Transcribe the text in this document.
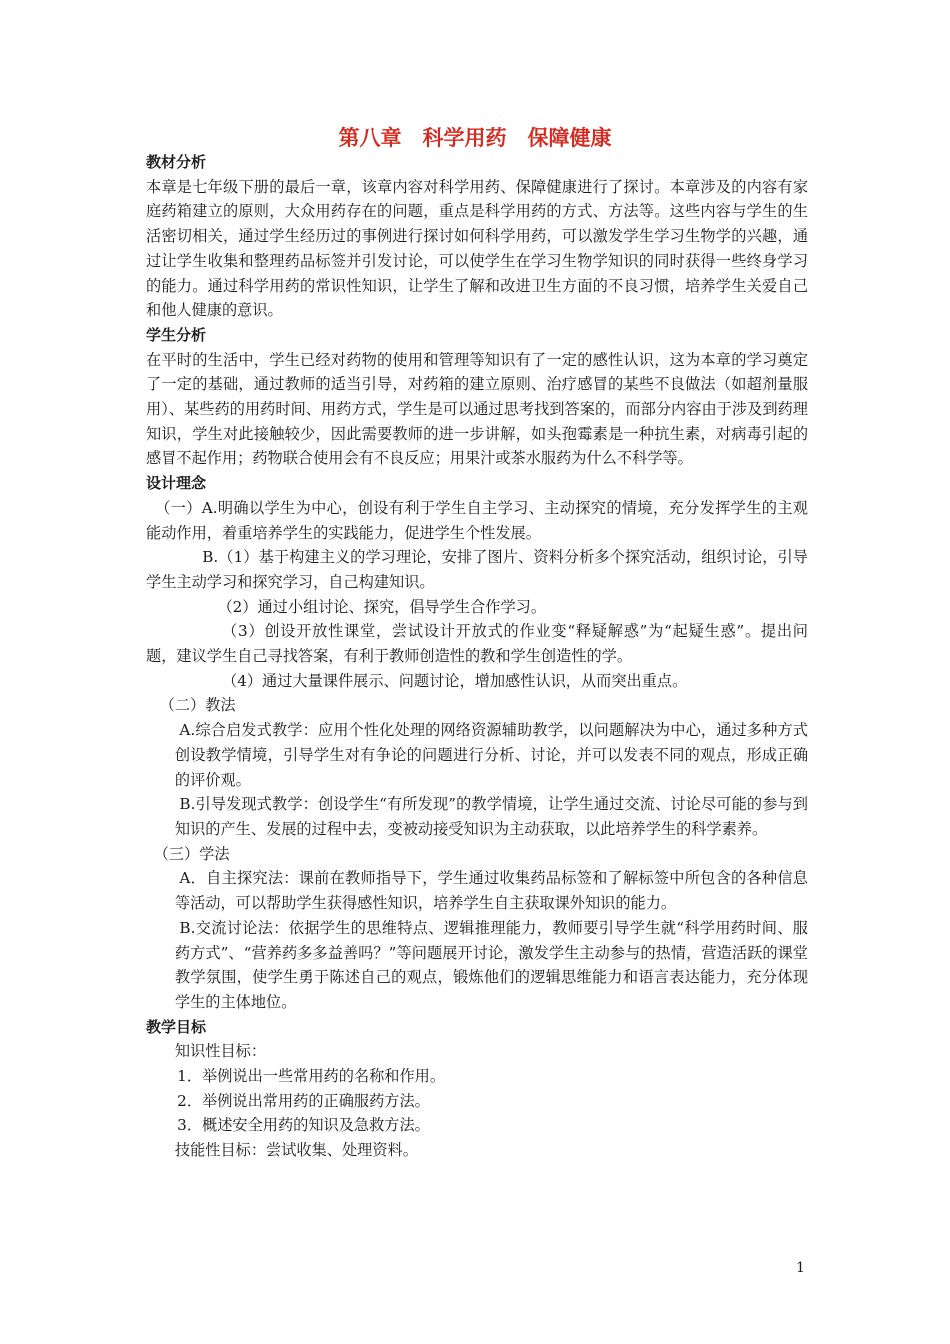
第八章　科学用药　保障健康

教材分析

本章是七年级下册的最后一章，该章内容对科学用药、保障健康进行了探讨。本章涉及的内容有家庭药箱建立的原则，大众用药存在的问题，重点是科学用药的方式、方法等。这些内容与学生的生活密切相关，通过学生经历过的事例进行探讨如何科学用药，可以激发学生学习生物学的兴趣，通过让学生收集和整理药品标签并引发讨论，可以使学生在学习生物学知识的同时获得一些终身学习的能力。通过科学用药的常识性知识，让学生了解和改进卫生方面的不良习惯，培养学生关爱自己和他人健康的意识。

学生分析

在平时的生活中，学生已经对药物的使用和管理等知识有了一定的感性认识，这为本章的学习奠定了一定的基础，通过教师的适当引导，对药箱的建立原则、治疗感冒的某些不良做法（如超剂量服用）、某些药的用药时间、用药方式，学生是可以通过思考找到答案的，而部分内容由于涉及到药理知识，学生对此接触较少，因此需要教师的进一步讲解，如头孢霉素是一种抗生素，对病毒引起的感冒不起作用；药物联合使用会有不良反应；用果汁或茶水服药为什么不科学等。

设计理念

（一）A.明确以学生为中心，创设有利于学生自主学习、主动探究的情境，充分发挥学生的主观能动作用，着重培养学生的实践能力，促进学生个性发展。

B.（1）基于构建主义的学习理论，安排了图片、资料分析多个探究活动，组织讨论，引导学生主动学习和探究学习，自己构建知识。

（2）通过小组讨论、探究，倡导学生合作学习。

（3）创设开放性课堂，尝试设计开放式的作业变“释疑解惑”为“起疑生惑”。提出问题，建议学生自己寻找答案，有利于教师创造性的教和学生创造性的学。

（4）通过大量课件展示、问题讨论，增加感性认识，从而突出重点。

（二）教法

A.综合启发式教学：应用个性化处理的网络资源辅助教学，以问题解决为中心，通过多种方式创设教学情境，引导学生对有争论的问题进行分析、讨论，并可以发表不同的观点，形成正确的评价观。

B.引导发现式教学：创设学生“有所发现”的教学情境，让学生通过交流、讨论尽可能的参与到知识的产生、发展的过程中去，变被动接受知识为主动获取，以此培养学生的科学素养。

（三）学法

A．自主探究法：课前在教师指导下，学生通过收集药品标签和了解标签中所包含的各种信息等活动，可以帮助学生获得感性知识，培养学生自主获取课外知识的能力。

B.交流讨论法：依据学生的思维特点、逻辑推理能力，教师要引导学生就“科学用药时间、服药方式”、“营养药多多益善吗？”等问题展开讨论，激发学生主动参与的热情，营造活跃的课堂教学氛围，使学生勇于陈述自己的观点，锻炼他们的逻辑思维能力和语言表达能力，充分体现学生的主体地位。

教学目标

知识性目标：

1．举例说出一些常用药的名称和作用。

2．举例说出常用药的正确服药方法。

3．概述安全用药的知识及急救方法。

技能性目标：尝试收集、处理资料。

1
